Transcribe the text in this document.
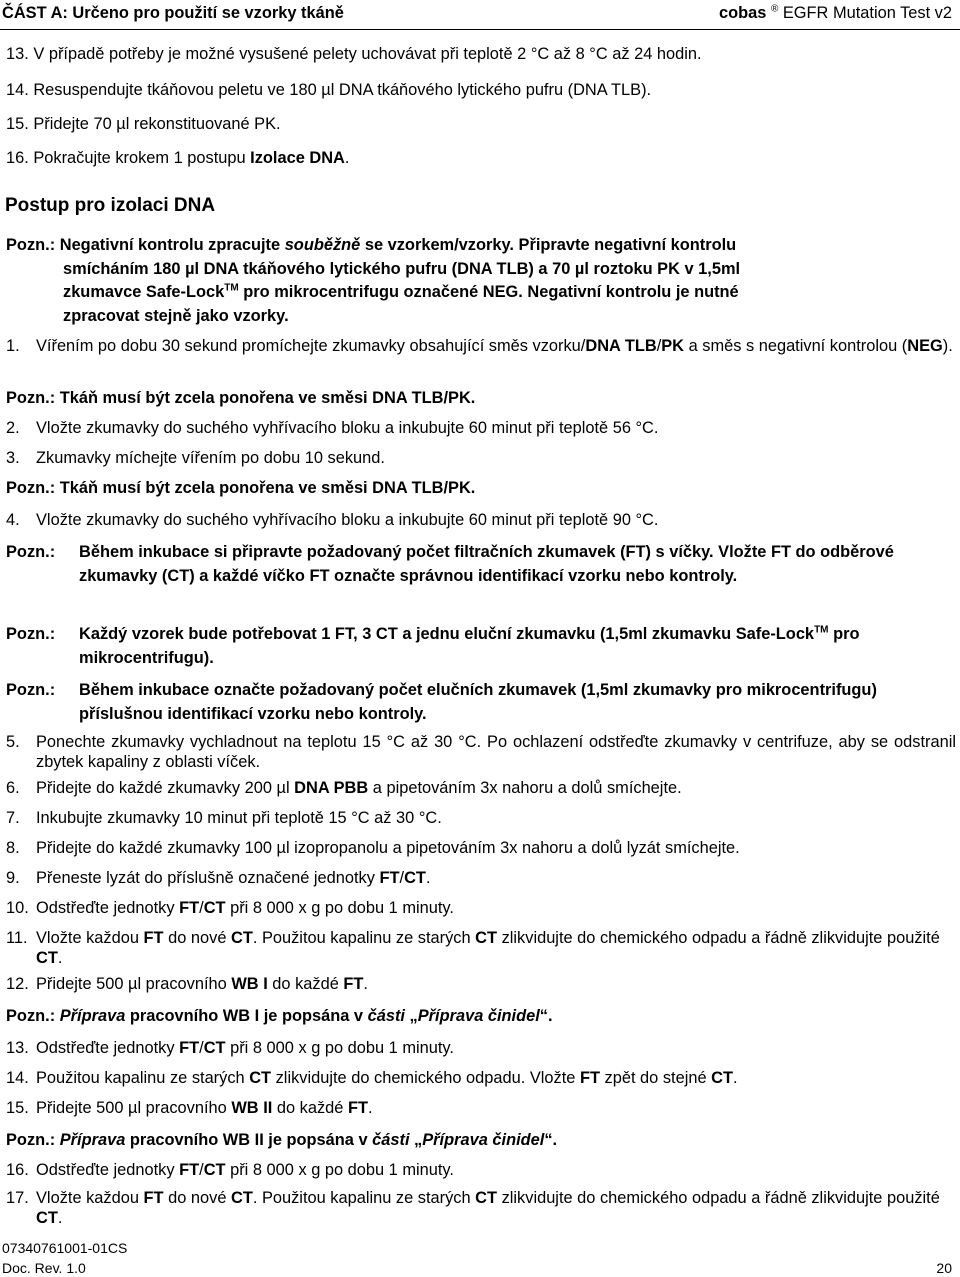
ČÁST A: Určeno pro použití se vzorky tkáně	cobas ® EGFR Mutation Test v2
13. V případě potřeby je možné vysušené pelety uchovávat při teplotě 2 °C až 8 °C až 24 hodin.
14. Resuspendujte tkáňovou peletu ve 180 µl DNA tkáňového lytického pufru (DNA TLB).
15. Přidejte 70 µl rekonstituované PK.
16. Pokračujte krokem 1 postupu Izolace DNA.
Postup pro izolaci DNA
Pozn.: Negativní kontrolu zpracujte souběžně se vzorkem/vzorky. Připravte negativní kontrolu
smícháním 180 µl DNA tkáňového lytického pufru (DNA TLB) a 70 µl roztoku PK v 1,5ml
zkumavce Safe-Lock™ pro mikrocentrifugu označené NEG. Negativní kontrolu je nutné
zpracovat stejně jako vzorky.
1. Vířením po dobu 30 sekund promíchejte zkumavky obsahující směs vzorku/DNA TLB/PK a směs s negativní kontrolou (NEG).
Pozn.: Tkáň musí být zcela ponořena ve směsi DNA TLB/PK.
2. Vložte zkumavky do suchého vyhřívacího bloku a inkubujte 60 minut při teplotě 56 °C.
3. Zkumavky míchejte vířením po dobu 10 sekund.
Pozn.: Tkáň musí být zcela ponořena ve směsi DNA TLB/PK.
4. Vložte zkumavky do suchého vyhřívacího bloku a inkubujte 60 minut při teplotě 90 °C.
Pozn.:	Během inkubace si připravte požadovaný počet filtračních zkumavek (FT) s víčky. Vložte FT do odběrové zkumavky (CT) a každé víčko FT označte správnou identifikací vzorku nebo kontroly.
Pozn.:	Každý vzorek bude potřebovat 1 FT, 3 CT a jednu eluční zkumavku (1,5ml zkumavku Safe-Lock™ pro mikrocentrifugu).
Pozn.:	Během inkubace označte požadovaný počet elučních zkumavek (1,5ml zkumavky pro mikrocentrifugu) příslušnou identifikací vzorku nebo kontroly.
5. Ponechte zkumavky vychladnout na teplotu 15 °C až 30 °C. Po ochlazení odstřeďte zkumavky v centrifuze, aby se odstranil zbytek kapaliny z oblasti víček.
6. Přidejte do každé zkumavky 200 µl DNA PBB a pipetováním 3x nahoru a dolů smíchejte.
7. Inkubujte zkumavky 10 minut při teplotě 15 °C až 30 °C.
8. Přidejte do každé zkumavky 100 µl izopropanolu a pipetováním 3x nahoru a dolů lyzát smíchejte.
9. Přeneste lyzát do příslušně označené jednotky FT/CT.
10. Odstřeďte jednotky FT/CT při 8 000 x g po dobu 1 minuty.
11. Vložte každou FT do nové CT. Použitou kapalinu ze starých CT zlikvidujte do chemického odpadu a řádně zlikvidujte použité CT.
12. Přidejte 500 µl pracovního WB I do každé FT.
Pozn.: Příprava pracovního WB I je popsána v části „Příprava činidel“.
13. Odstřeďte jednotky FT/CT při 8 000 x g po dobu 1 minuty.
14. Použitou kapalinu ze starých CT zlikvidujte do chemického odpadu. Vložte FT zpět do stejné CT.
15. Přidejte 500 µl pracovního WB II do každé FT.
Pozn.: Příprava pracovního WB II je popsána v části „Příprava činidel“.
16. Odstřeďte jednotky FT/CT při 8 000 x g po dobu 1 minuty.
17. Vložte každou FT do nové CT. Použitou kapalinu ze starých CT zlikvidujte do chemického odpadu a řádně zlikvidujte použité CT.
07340761001-01CS
Doc. Rev. 1.0	20
